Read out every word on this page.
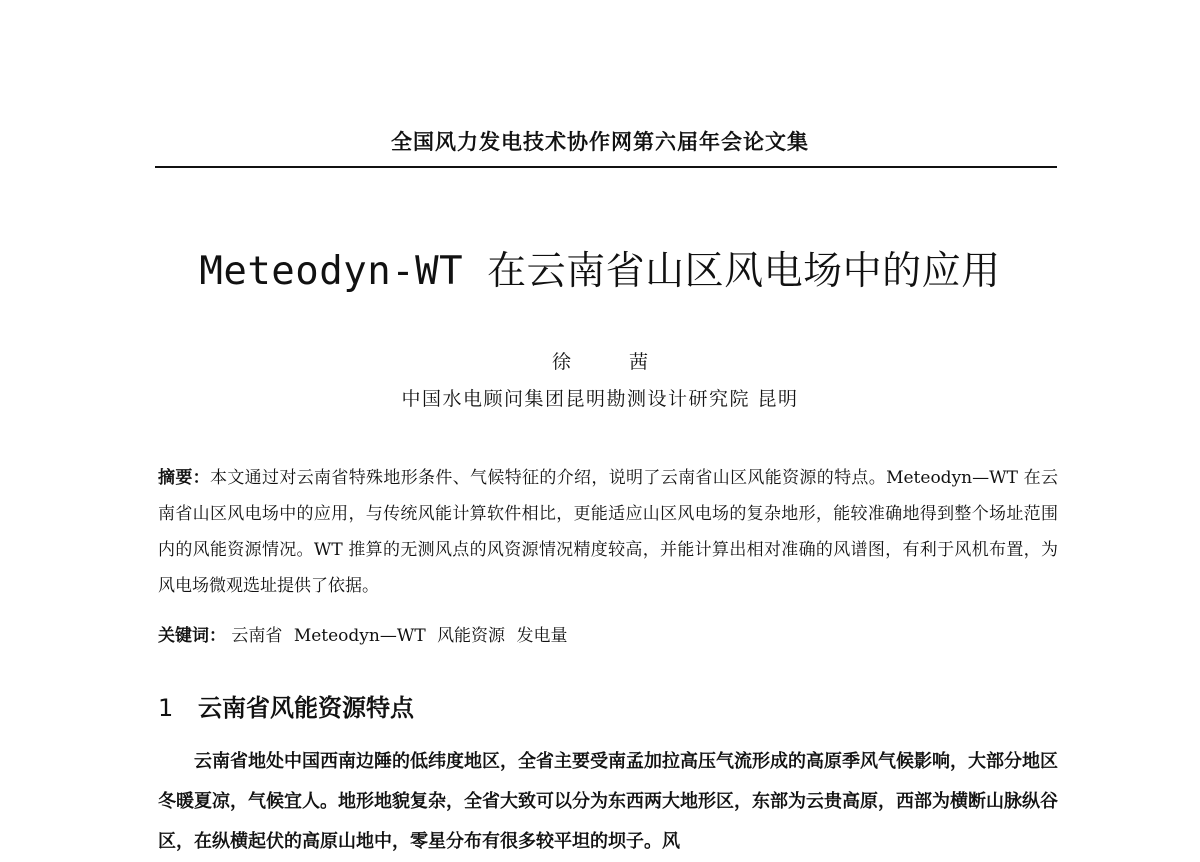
全国风力发电技术协作网第六届年会论文集
Meteodyn-WT 在云南省山区风电场中的应用
徐 茜
中国水电顾问集团昆明勘测设计研究院 昆明
摘要：本文通过对云南省特殊地形条件、气候特征的介绍，说明了云南省山区风能资源的特点。Meteodyn—WT 在云南省山区风电场中的应用，与传统风能计算软件相比，更能适应山区风电场的复杂地形，能较准确地得到整个场址范围内的风能资源情况。WT 推算的无测风点的风资源情况精度较高，并能计算出相对准确的风谱图，有利于风机布置，为风电场微观选址提供了依据。
关键词： 云南省 Meteodyn—WT 风能资源 发电量
1 云南省风能资源特点
云南省地处中国西南边陲的低纬度地区，全省主要受南孟加拉高压气流形成的高原季风气候影响，大部分地区冬暖夏凉，气候宜人。地形地貌复杂，全省大致可以分为东西两大地形区，东部为云贵高原，西部为横断山脉纵谷区，在纵横起伏的高原山地中，零星分布有很多较平坦的坝子。风
